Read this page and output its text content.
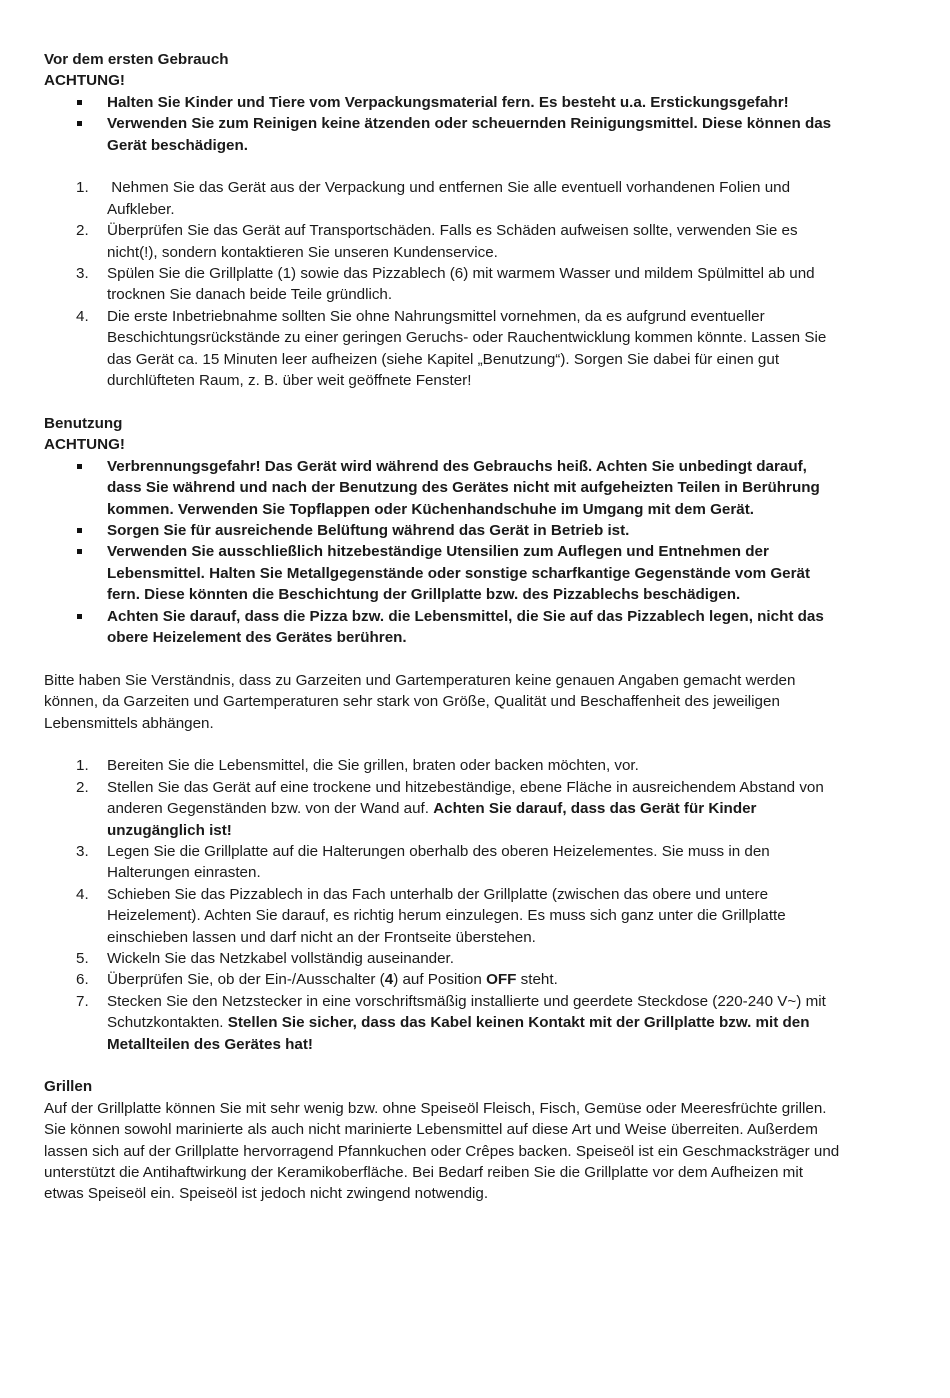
Vor dem ersten Gebrauch

ACHTUNG!

Halten Sie Kinder und Tiere vom Verpackungsmaterial fern. Es besteht u.a. Erstickungsgefahr!
Verwenden Sie zum Reinigen keine ätzenden oder scheuernden Reinigungsmittel. Diese können das Gerät beschädigen.
1. Nehmen Sie das Gerät aus der Verpackung und entfernen Sie alle eventuell vorhandenen Folien und Aufkleber.
2. Überprüfen Sie das Gerät auf Transportschäden. Falls es Schäden aufweisen sollte, verwenden Sie es nicht(!), sondern kontaktieren Sie unseren Kundenservice.
3. Spülen Sie die Grillplatte (1) sowie das Pizzablech (6) mit warmem Wasser und mildem Spülmittel ab und trocknen Sie danach beide Teile gründlich.
4. Die erste Inbetriebnahme sollten Sie ohne Nahrungsmittel vornehmen, da es aufgrund eventueller Beschichtungsrückstände zu einer geringen Geruchs- oder Rauchentwicklung kommen könnte. Lassen Sie das Gerät ca. 15 Minuten leer aufheizen (siehe Kapitel „Benutzung“). Sorgen Sie dabei für einen gut durchlüfteten Raum, z. B. über weit geöffnete Fenster!

Benutzung

ACHTUNG!

Verbrennungsgefahr! Das Gerät wird während des Gebrauchs heiß. Achten Sie unbedingt darauf, dass Sie während und nach der Benutzung des Gerätes nicht mit aufgeheizten Teilen in Berührung kommen. Verwenden Sie Topflappen oder Küchenhandschuhe im Umgang mit dem Gerät.
Sorgen Sie für ausreichende Belüftung während das Gerät in Betrieb ist.
Verwenden Sie ausschließlich hitzebeständige Utensilien zum Auflegen und Entnehmen der Lebensmittel. Halten Sie Metallgegenstände oder sonstige scharfkantige Gegenstände vom Gerät fern. Diese könnten die Beschichtung der Grillplatte bzw. des Pizzablechs beschädigen.
Achten Sie darauf, dass die Pizza bzw. die Lebensmittel, die Sie auf das Pizzablech legen, nicht das obere Heizelement des Gerätes berühren.

Bitte haben Sie Verständnis, dass zu Garzeiten und Gartemperaturen keine genauen Angaben gemacht werden können, da Garzeiten und Gartemperaturen sehr stark von Größe, Qualität und Beschaffenheit des jeweiligen Lebensmittels abhängen.

1. Bereiten Sie die Lebensmittel, die Sie grillen, braten oder backen möchten, vor.
2. Stellen Sie das Gerät auf eine trockene und hitzebeständige, ebene Fläche in ausreichendem Abstand von anderen Gegenständen bzw. von der Wand auf. Achten Sie darauf, dass das Gerät für Kinder unzugänglich ist!
3. Legen Sie die Grillplatte auf die Halterungen oberhalb des oberen Heizelementes. Sie muss in den Halterungen einrasten.
4. Schieben Sie das Pizzablech in das Fach unterhalb der Grillplatte (zwischen das obere und untere Heizelement). Achten Sie darauf, es richtig herum einzulegen. Es muss sich ganz unter die Grillplatte einschieben lassen und darf nicht an der Frontseite überstehen.
5. Wickeln Sie das Netzkabel vollständig auseinander.
6. Überprüfen Sie, ob der Ein-/Ausschalter (4) auf Position OFF steht.
7. Stecken Sie den Netzstecker in eine vorschriftsmäßig installierte und geerdete Steckdose (220-240 V~) mit Schutzkontakten. Stellen Sie sicher, dass das Kabel keinen Kontakt mit der Grillplatte bzw. mit den Metallteilen des Gerätes hat!

Grillen

Auf der Grillplatte können Sie mit sehr wenig bzw. ohne Speiseöl Fleisch, Fisch, Gemüse oder Meeresfrüchte grillen. Sie können sowohl marinierte als auch nicht marinierte Lebensmittel auf diese Art und Weise überreiten. Außerdem lassen sich auf der Grillplatte hervorragend Pfannkuchen oder Crêpes backen. Speiseöl ist ein Geschmacksträger und unterstützt die Antihaftwirkung der Keramikoberfläche. Bei Bedarf reiben Sie die Grillplatte vor dem Aufheizen mit etwas Speiseöl ein. Speiseöl ist jedoch nicht zwingend notwendig.
